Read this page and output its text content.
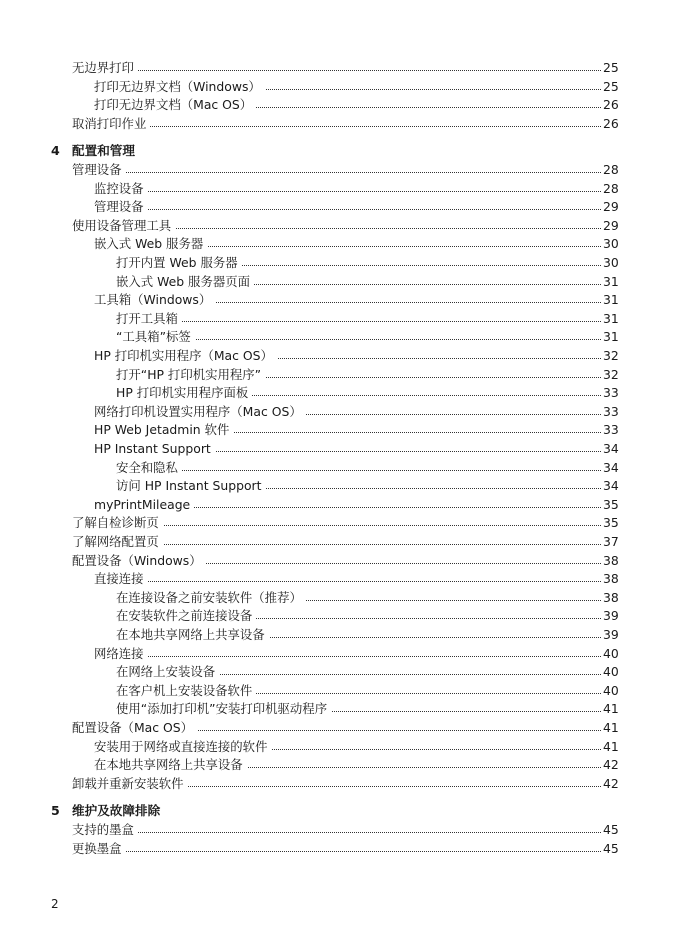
无边界打印	25
打印无边界文档（Windows）	25
打印无边界文档（Mac OS）	26
取消打印作业	26
4 配置和管理
管理设备	28
监控设备	28
管理设备	29
使用设备管理工具	29
嵌入式 Web 服务器	30
打开内置 Web 服务器	30
嵌入式 Web 服务器页面	31
工具箱（Windows）	31
打开工具箱	31
“工具箱”标签	31
HP 打印机实用程序（Mac OS）	32
打开“HP 打印机实用程序”	32
HP 打印机实用程序面板	33
网络打印机设置实用程序（Mac OS）	33
HP Web Jetadmin 软件	33
HP Instant Support	34
安全和隐私	34
访问 HP Instant Support	34
myPrintMileage	35
了解自检诊断页	35
了解网络配置页	37
配置设备（Windows）	38
直接连接	38
在连接设备之前安装软件（推荐）	38
在安装软件之前连接设备	39
在本地共享网络上共享设备	39
网络连接	40
在网络上安装设备	40
在客户机上安装设备软件	40
使用“添加打印机”安装打印机驱动程序	41
配置设备（Mac OS）	41
安装用于网络或直接连接的软件	41
在本地共享网络上共享设备	42
卸载并重新安装软件	42
5 维护及故障排除
支持的墨盒	45
更换墨盒	45
2
